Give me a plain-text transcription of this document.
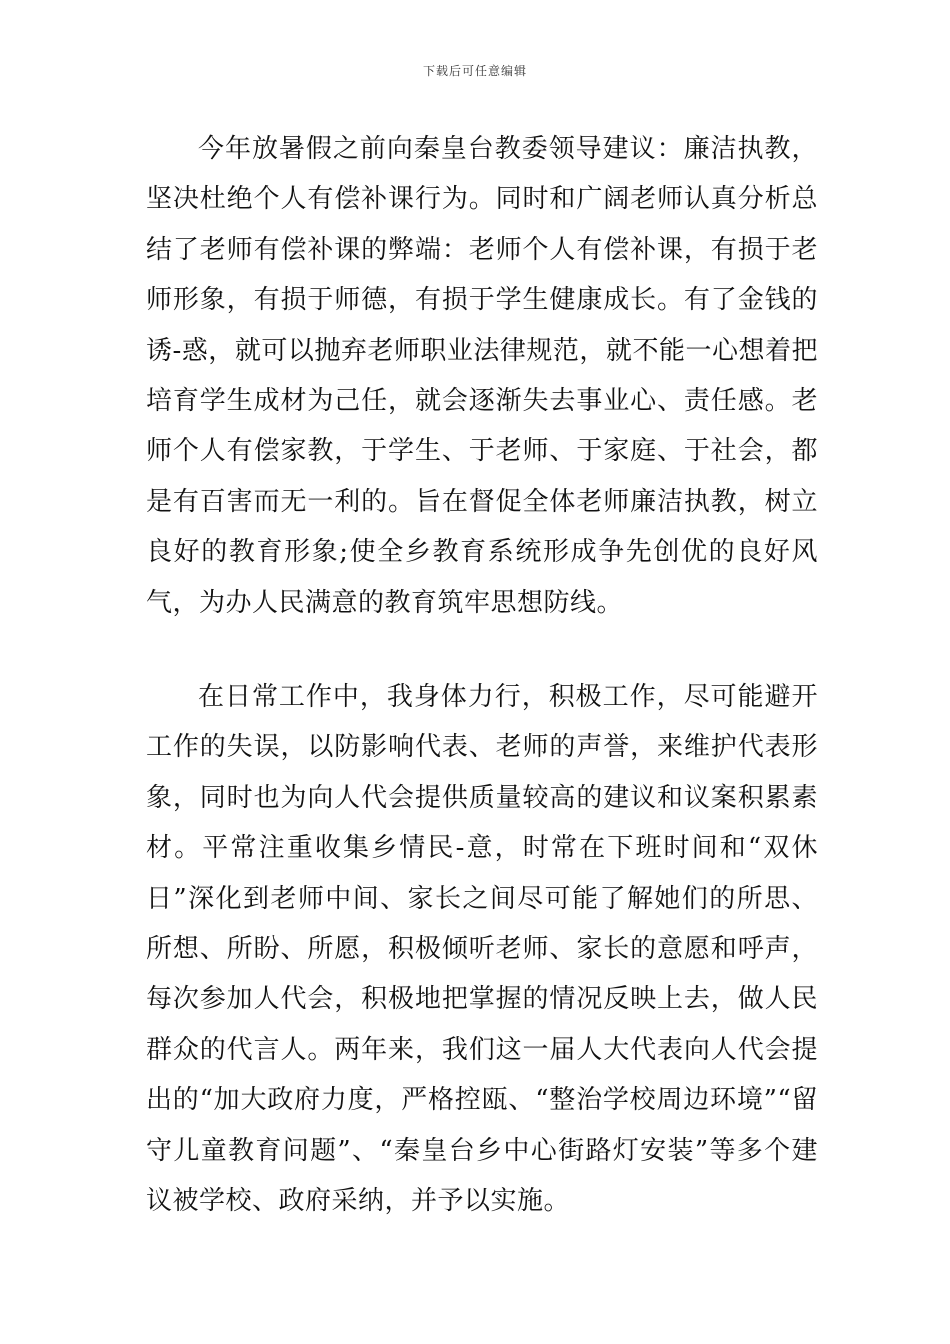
下载后可任意编辑

今年放暑假之前向秦皇台教委领导建议：廉洁执教，坚决杜绝个人有偿补课行为。同时和广阔老师认真分析总结了老师有偿补课的弊端：老师个人有偿补课，有损于老师形象，有损于师德，有损于学生健康成长。有了金钱的诱-惑，就可以抛弃老师职业法律规范，就不能一心想着把培育学生成材为己任，就会逐渐失去事业心、责任感。老师个人有偿家教，于学生、于老师、于家庭、于社会，都是有百害而无一利的。旨在督促全体老师廉洁执教，树立良好的教育形象;使全乡教育系统形成争先创优的良好风气，为办人民满意的教育筑牢思想防线。

在日常工作中，我身体力行，积极工作，尽可能避开工作的失误，以防影响代表、老师的声誉，来维护代表形象，同时也为向人代会提供质量较高的建议和议案积累素材。平常注重收集乡情民-意，时常在下班时间和“双休日”深化到老师中间、家长之间尽可能了解她们的所思、所想、所盼、所愿，积极倾听老师、家长的意愿和呼声，每次参加人代会，积极地把掌握的情况反映上去，做人民群众的代言人。两年来，我们这一届人大代表向人代会提出的“加大政府力度，严格控瓯、“整治学校周边环境”“留守儿童教育问题”、“秦皇台乡中心街路灯安装”等多个建议被学校、政府采纳，并予以实施。
